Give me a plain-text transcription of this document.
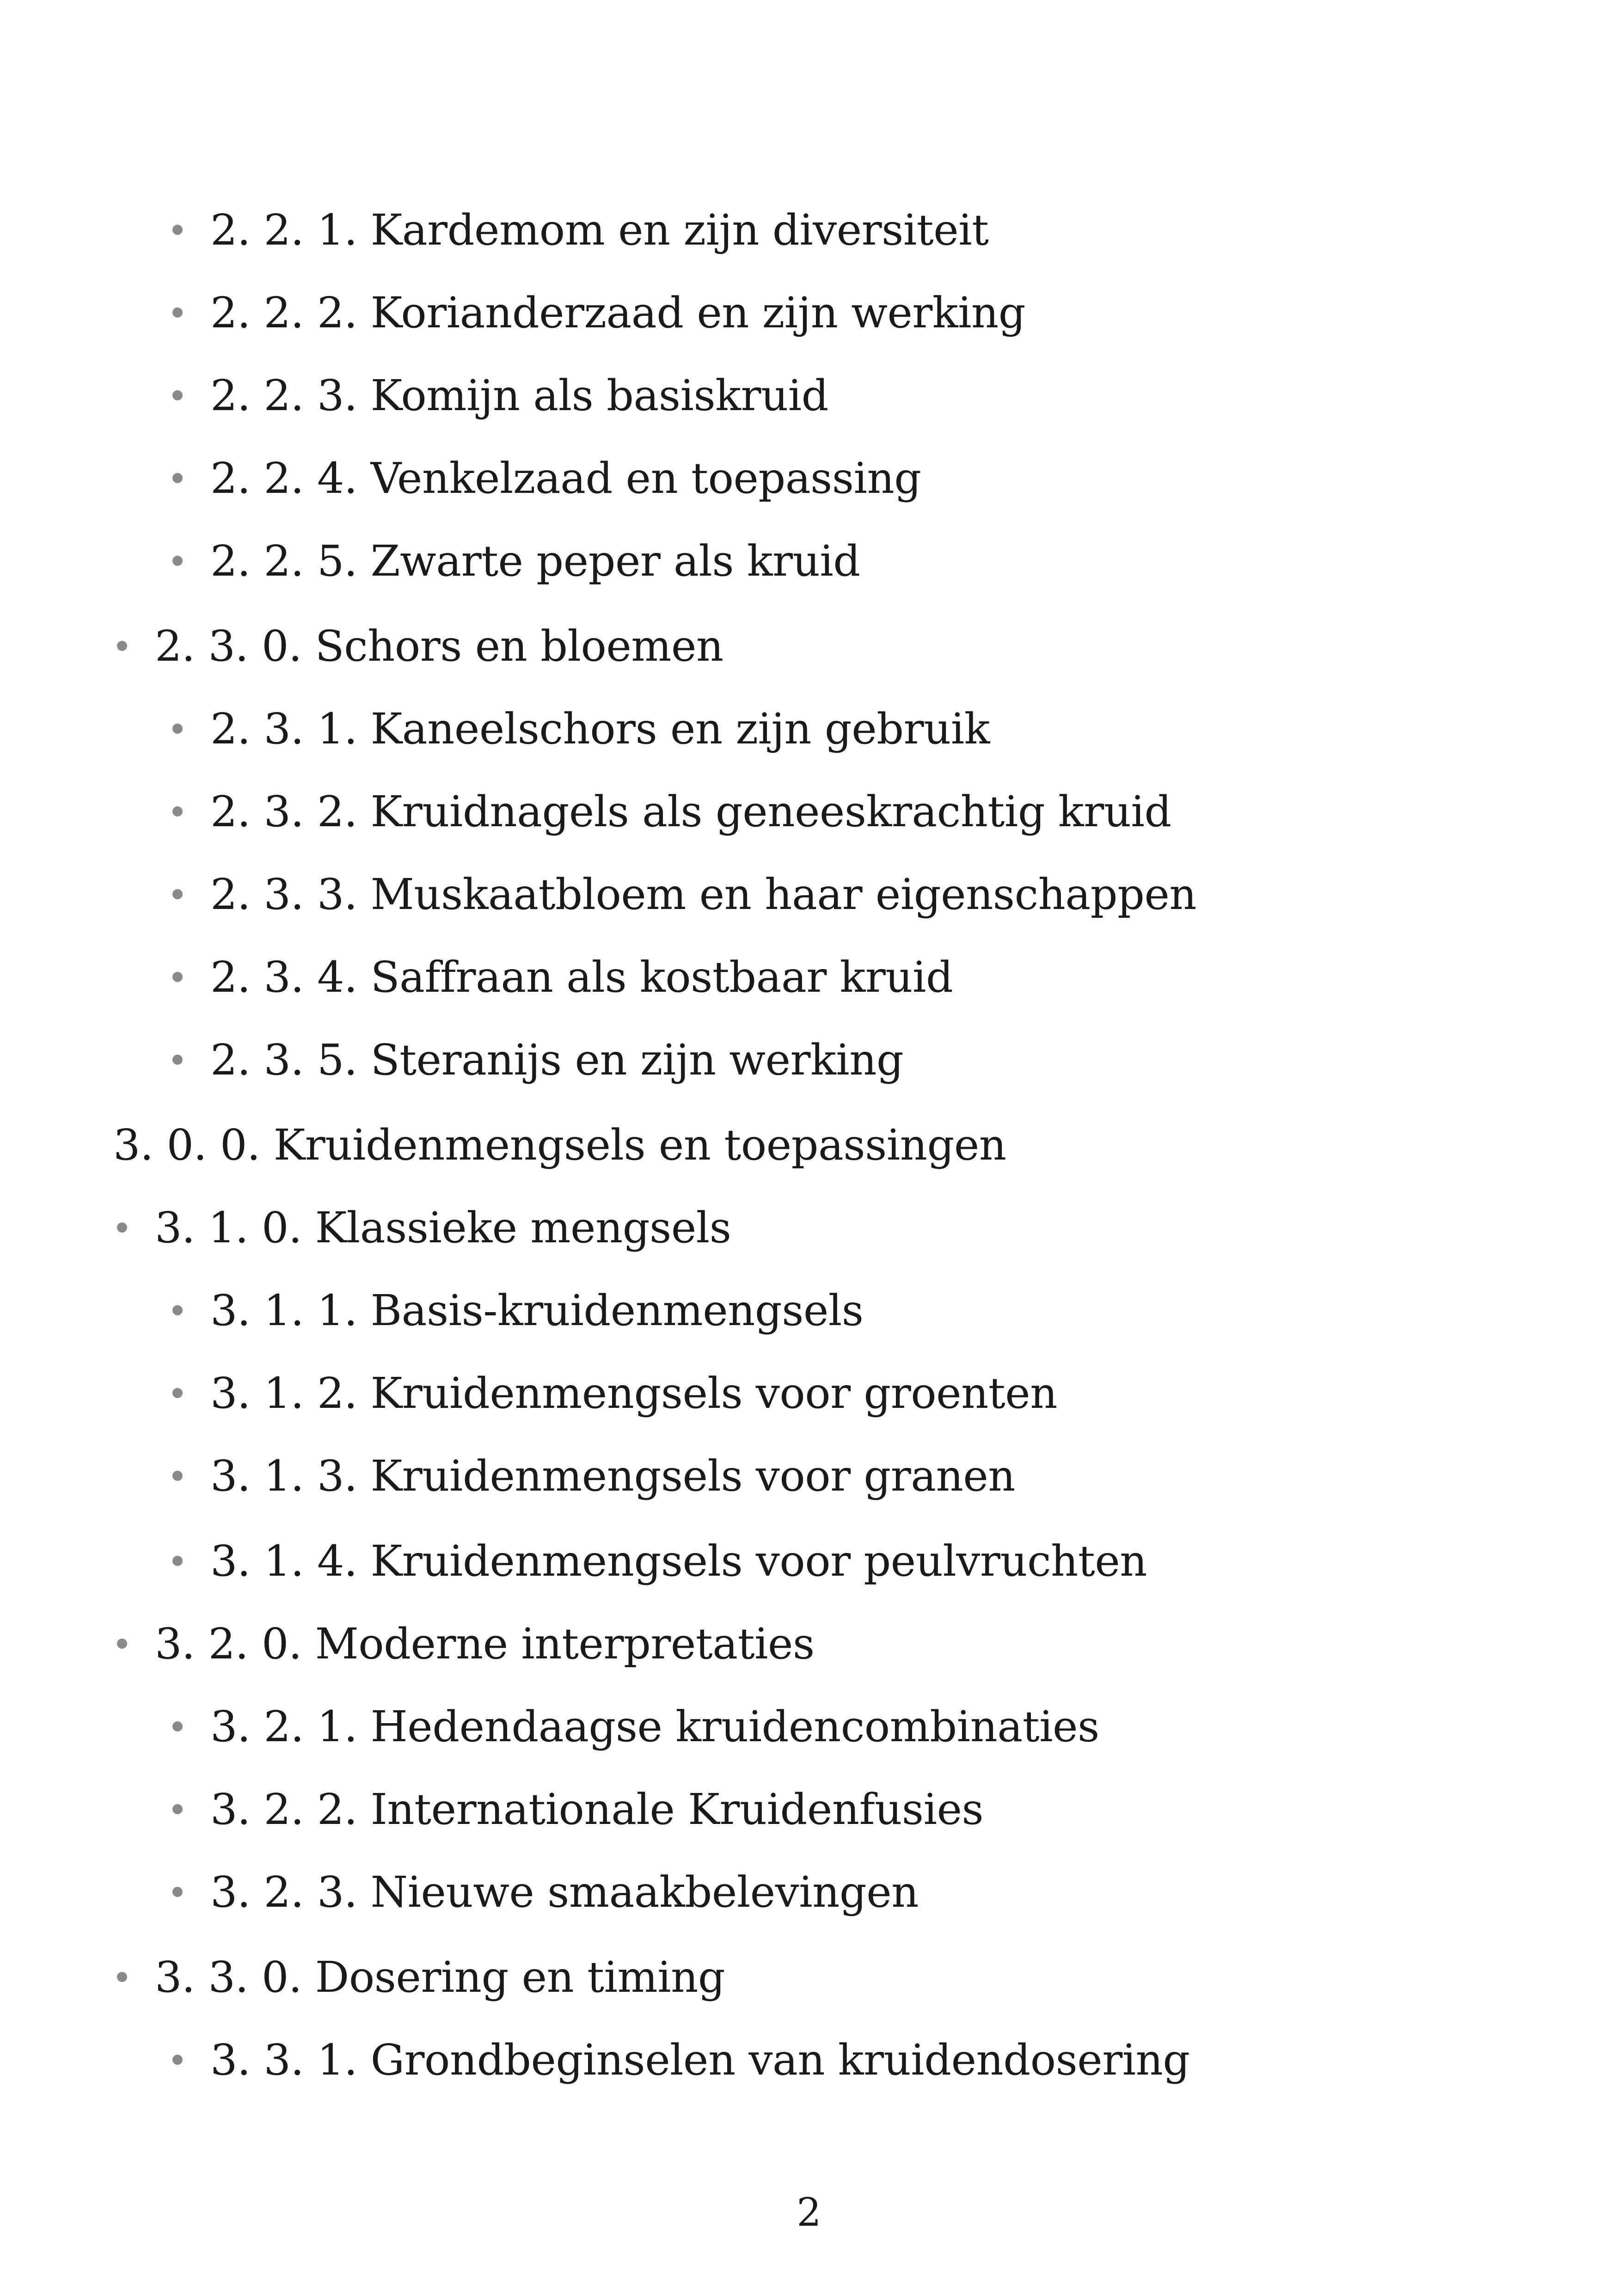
2. 2. 1. Kardemom en zijn diversiteit
2. 2. 2. Korianderzaad en zijn werking
2. 2. 3. Komijn als basiskruid
2. 2. 4. Venkelzaad en toepassing
2. 2. 5. Zwarte peper als kruid
2. 3. 0. Schors en bloemen
2. 3. 1. Kaneelschors en zijn gebruik
2. 3. 2. Kruidnagels als geneeskrachtig kruid
2. 3. 3. Muskaatbloem en haar eigenschappen
2. 3. 4. Saffraan als kostbaar kruid
2. 3. 5. Steranijs en zijn werking
3. 0. 0. Kruidenmengsels en toepassingen
3. 1. 0. Klassieke mengsels
3. 1. 1. Basis-kruidenmengsels
3. 1. 2. Kruidenmengsels voor groenten
3. 1. 3. Kruidenmengsels voor granen
3. 1. 4. Kruidenmengsels voor peulvruchten
3. 2. 0. Moderne interpretaties
3. 2. 1. Hedendaagse kruidencombinaties
3. 2. 2. Internationale Kruidenfusies
3. 2. 3. Nieuwe smaakbelevingen
3. 3. 0. Dosering en timing
3. 3. 1. Grondbeginselen van kruidendosering
2
